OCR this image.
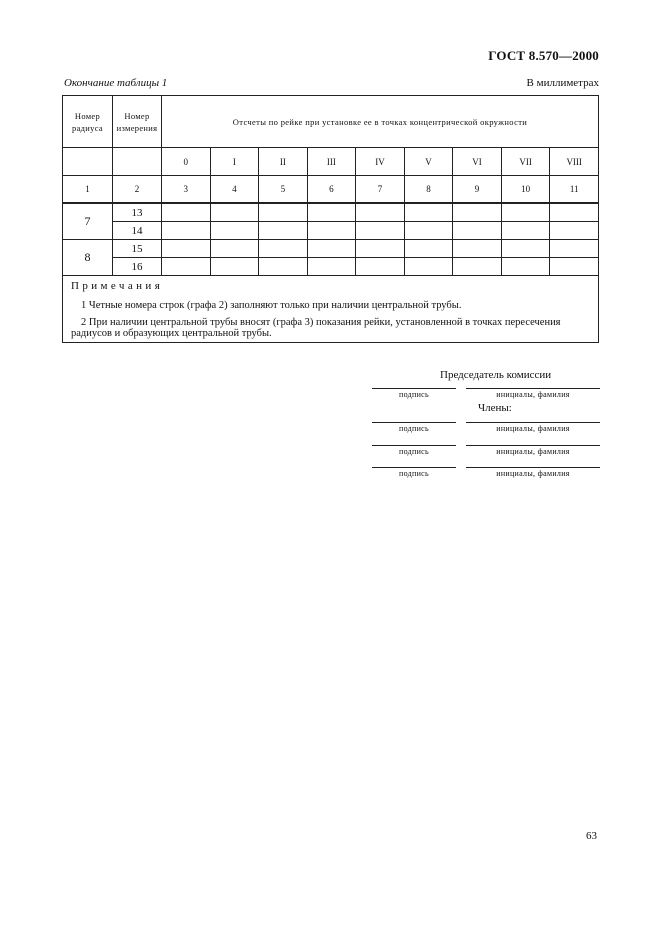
ГОСТ 8.570—2000
Окончание таблицы 1	В миллиметрах
Номер радиуса	Номер измерения	Отсчеты по рейке при установке ее в точках концентрической окружности								
		0	I	II	III	IV	V	VI	VII	VIII
1	2	3	4	5	6	7	8	9	10	11
7	13									
	14									
8	15									
	16									

Примечания
1 Четные номера строк (графа 2) заполняют только при наличии центральной трубы.
2 При наличии центральной трубы вносят (графа 3) показания рейки, установленной в точках пересечения радиусов и образующих центральной трубы.										
Председатель комиссии
подпись	инициалы, фамилия
Члены:
подпись	инициалы, фамилия
подпись	инициалы, фамилия
подпись	инициалы, фамилия
63
